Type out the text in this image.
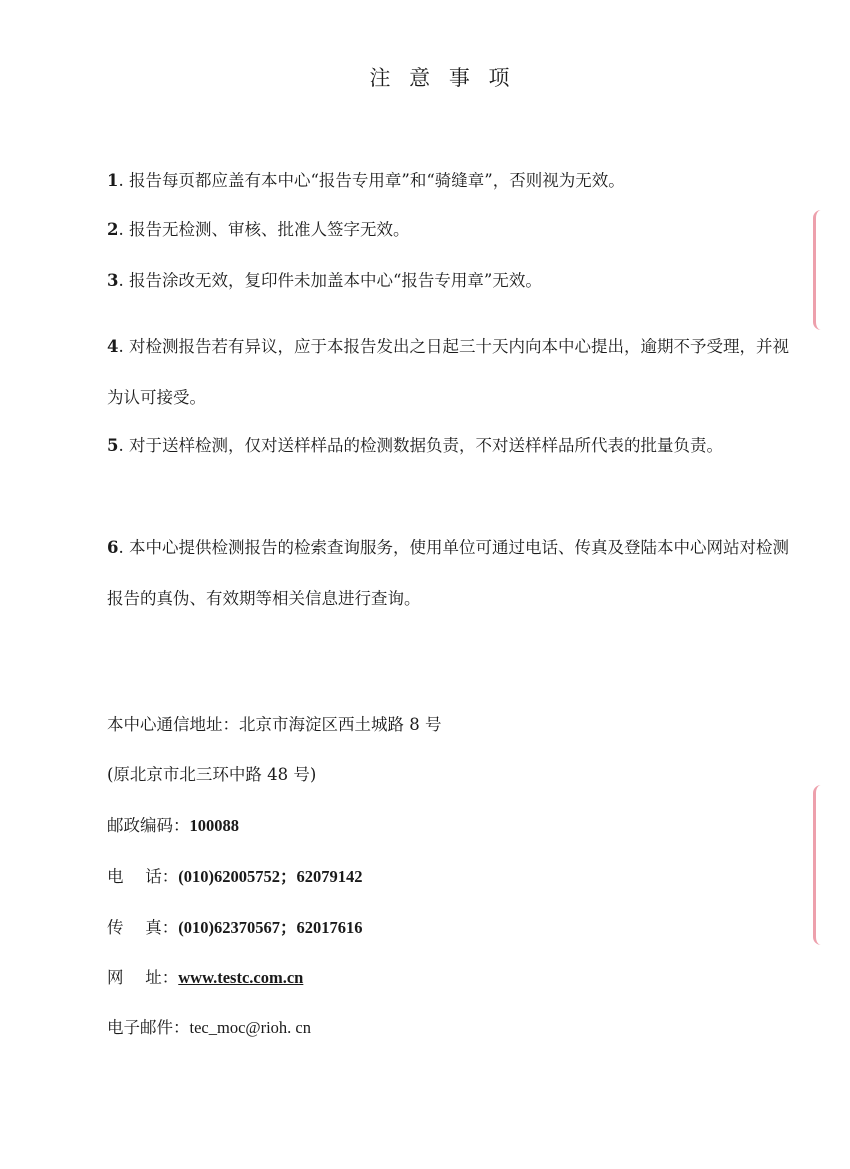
注 意 事 项
1. 报告每页都应盖有本中心“报告专用章”和“骑缝章”，否则视为无效。
2. 报告无检测、审核、批准人签字无效。
3. 报告涂改无效，复印件未加盖本中心“报告专用章”无效。
4. 对检测报告若有异议，应于本报告发出之日起三十天内向本中心提出，逾期不予受理，并视为认可接受。
5. 对于送样检测，仅对送样样品的检测数据负责，不对送样样品所代表的批量负责。
6. 本中心提供检测报告的检索查询服务，使用单位可通过电话、传真及登陆本中心网站对检测报告的真伪、有效期等相关信息进行查询。
本中心通信地址：北京市海淀区西土城路 8 号
(原北京市北三环中路 48 号)
邮政编码：100088
电　 话：(010)62005752；62079142
传　 真：(010)62370567；62017616
网　 址：www.testc.com.cn
电子邮件：tec_moc@rioh. cn
